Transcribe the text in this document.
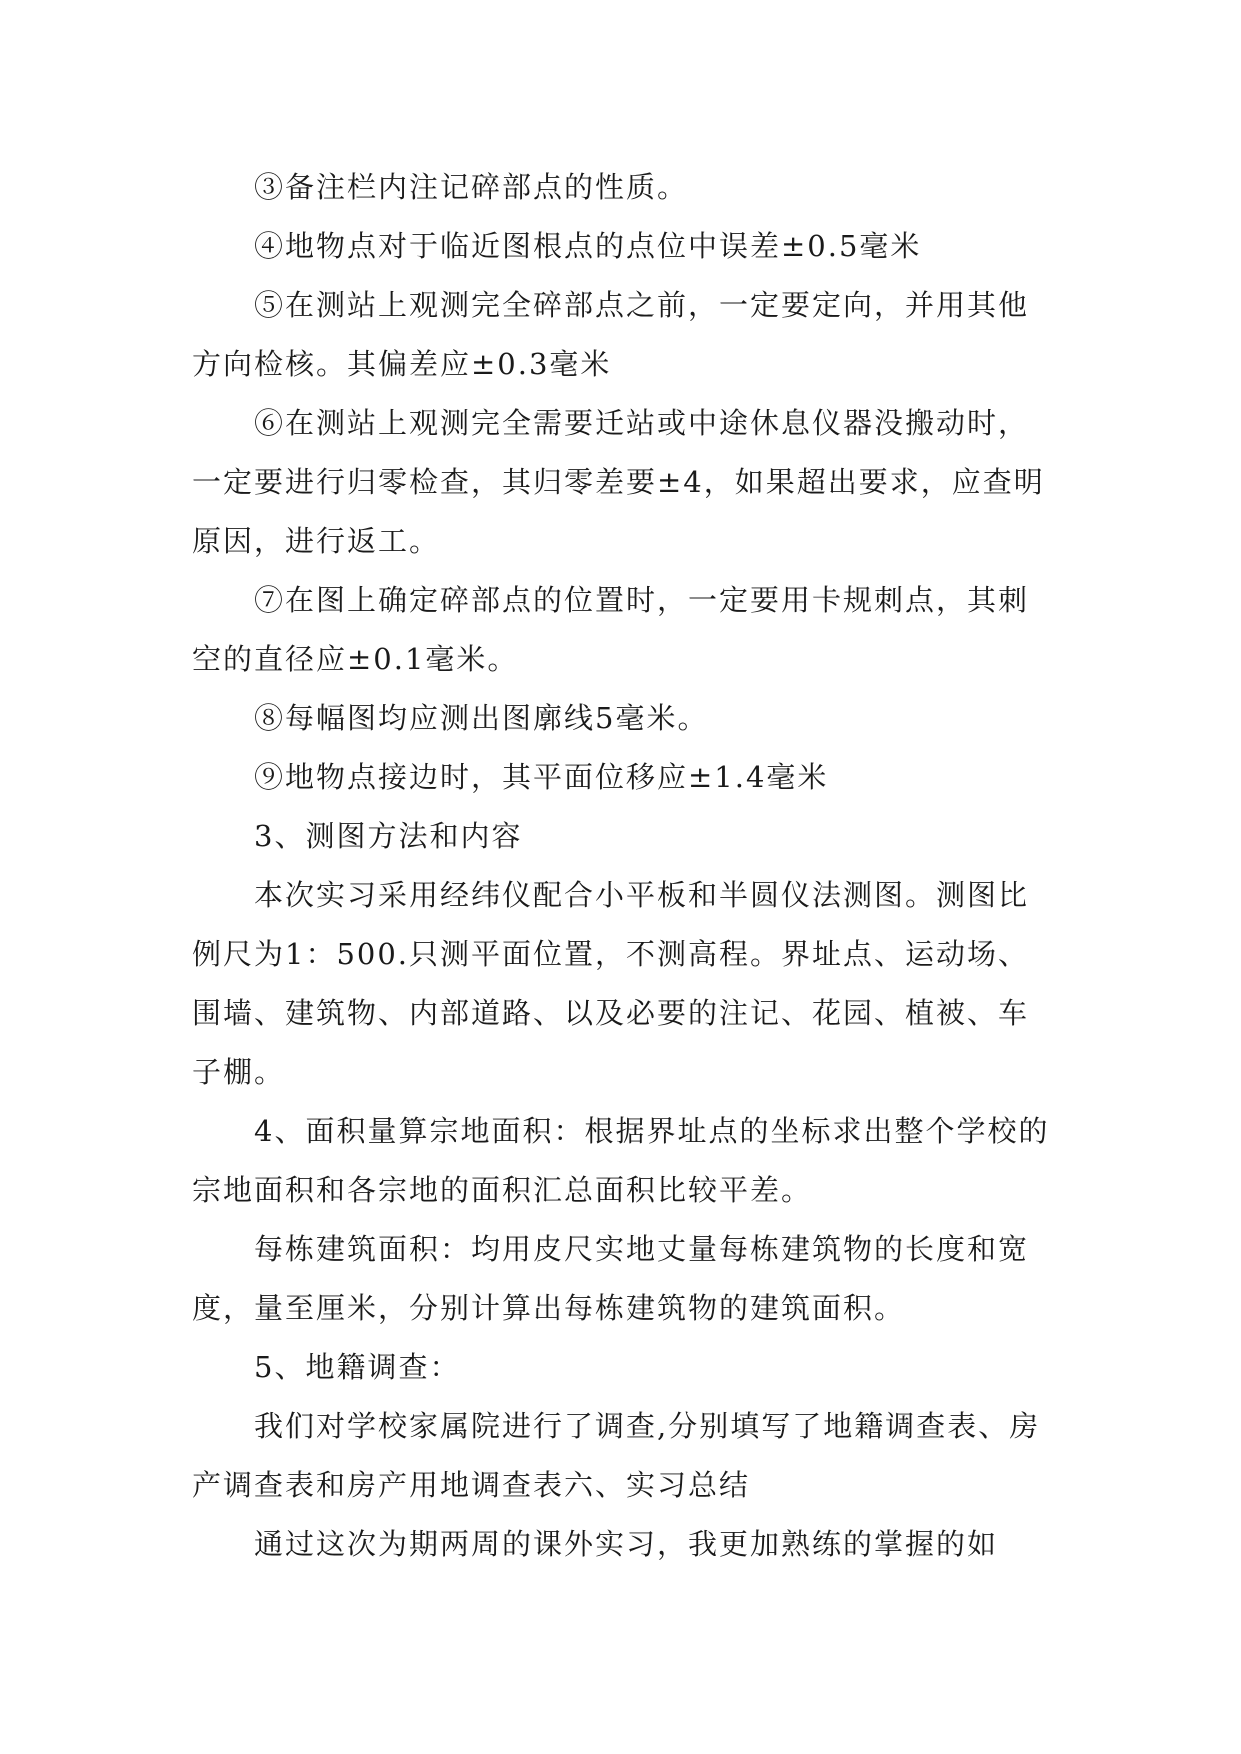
③备注栏内注记碎部点的性质。

④地物点对于临近图根点的点位中误差±0.5毫米

⑤在测站上观测完全碎部点之前，一定要定向，并用其他方向检核。其偏差应±0.3毫米

⑥在测站上观测完全需要迁站或中途休息仪器没搬动时，一定要进行归零检查，其归零差要±4，如果超出要求，应查明原因，进行返工。

⑦在图上确定碎部点的位置时，一定要用卡规刺点，其刺空的直径应±0.1毫米。

⑧每幅图均应测出图廓线5毫米。

⑨地物点接边时，其平面位移应±1.4毫米

3、测图方法和内容

本次实习采用经纬仪配合小平板和半圆仪法测图。测图比例尺为1：500.只测平面位置，不测高程。界址点、运动场、围墙、建筑物、内部道路、以及必要的注记、花园、植被、车子棚。

4、面积量算宗地面积：根据界址点的坐标求出整个学校的宗地面积和各宗地的面积汇总面积比较平差。

每栋建筑面积：均用皮尺实地丈量每栋建筑物的长度和宽度，量至厘米，分别计算出每栋建筑物的建筑面积。

5、地籍调查：

我们对学校家属院进行了调查,分别填写了地籍调查表、房产调查表和房产用地调查表六、实习总结

通过这次为期两周的课外实习，我更加熟练的掌握的如
